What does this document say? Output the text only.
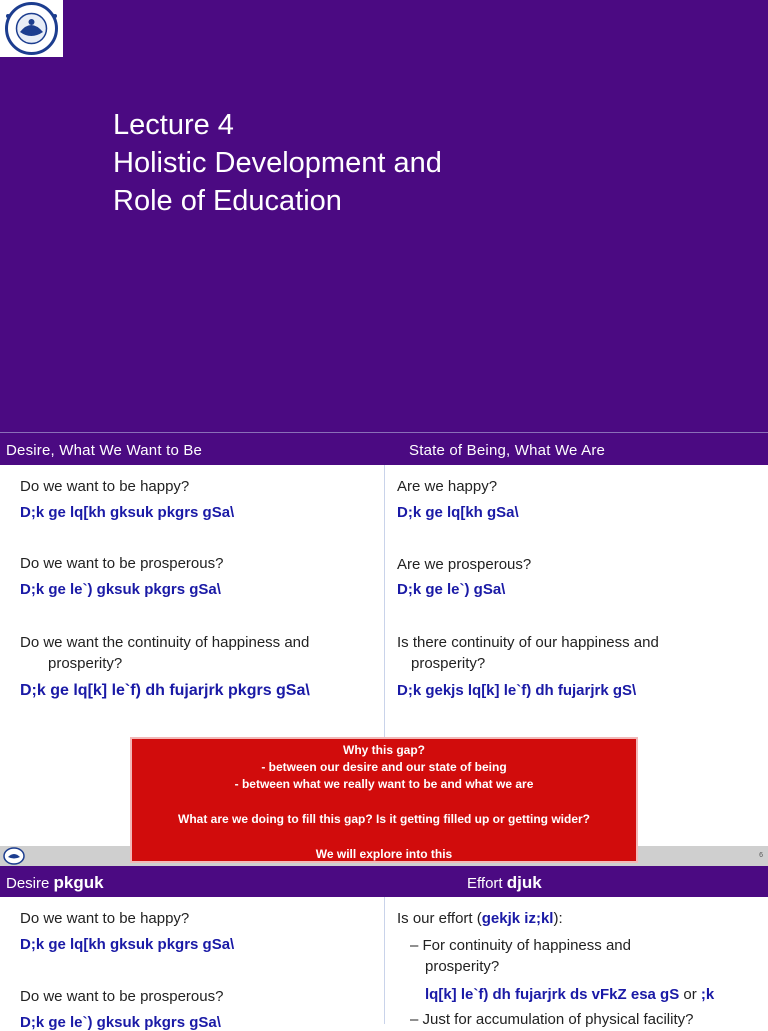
Lecture 4
Holistic Development and
Role of Education
Desire, What We Want to Be	State of Being, What We Are
Do we want to be happy?
D;k ge lq[kh gksuk pkgrs gSa\
Do we want to be prosperous?
D;k ge le`) gksuk pkgrs gSa\
Do we want the continuity of happiness and
prosperity?
D;k ge lq[k] le`f) dh fujarjrk pkgrs gSa\
Are we happy?
D;k ge lq[kh gSa\
Are we prosperous?
D;k ge le`) gSa\
Is there continuity of our happiness and
prosperity?
D;k gekjs lq[k] le`f) dh fujarjrk gS\
6
Why this gap?
- between our desire and our state of being
- between what we really want to be and what we are
What are we doing to fill this gap? Is it getting filled up or getting wider?
We will explore into this
Desire pkguk	Effort djuk
Do we want to be happy?
D;k ge lq[kh gksuk pkgrs gSa\
Do we want to be prosperous?
D;k ge le`) gksuk pkgrs gSa\
Is our effort (gekjk iz;kl):
– For continuity of happiness and
prosperity?
lq[k] le`f) dh fujarjrk ds vFkZ esa gS or ;k
– Just for accumulation of physical facility?
